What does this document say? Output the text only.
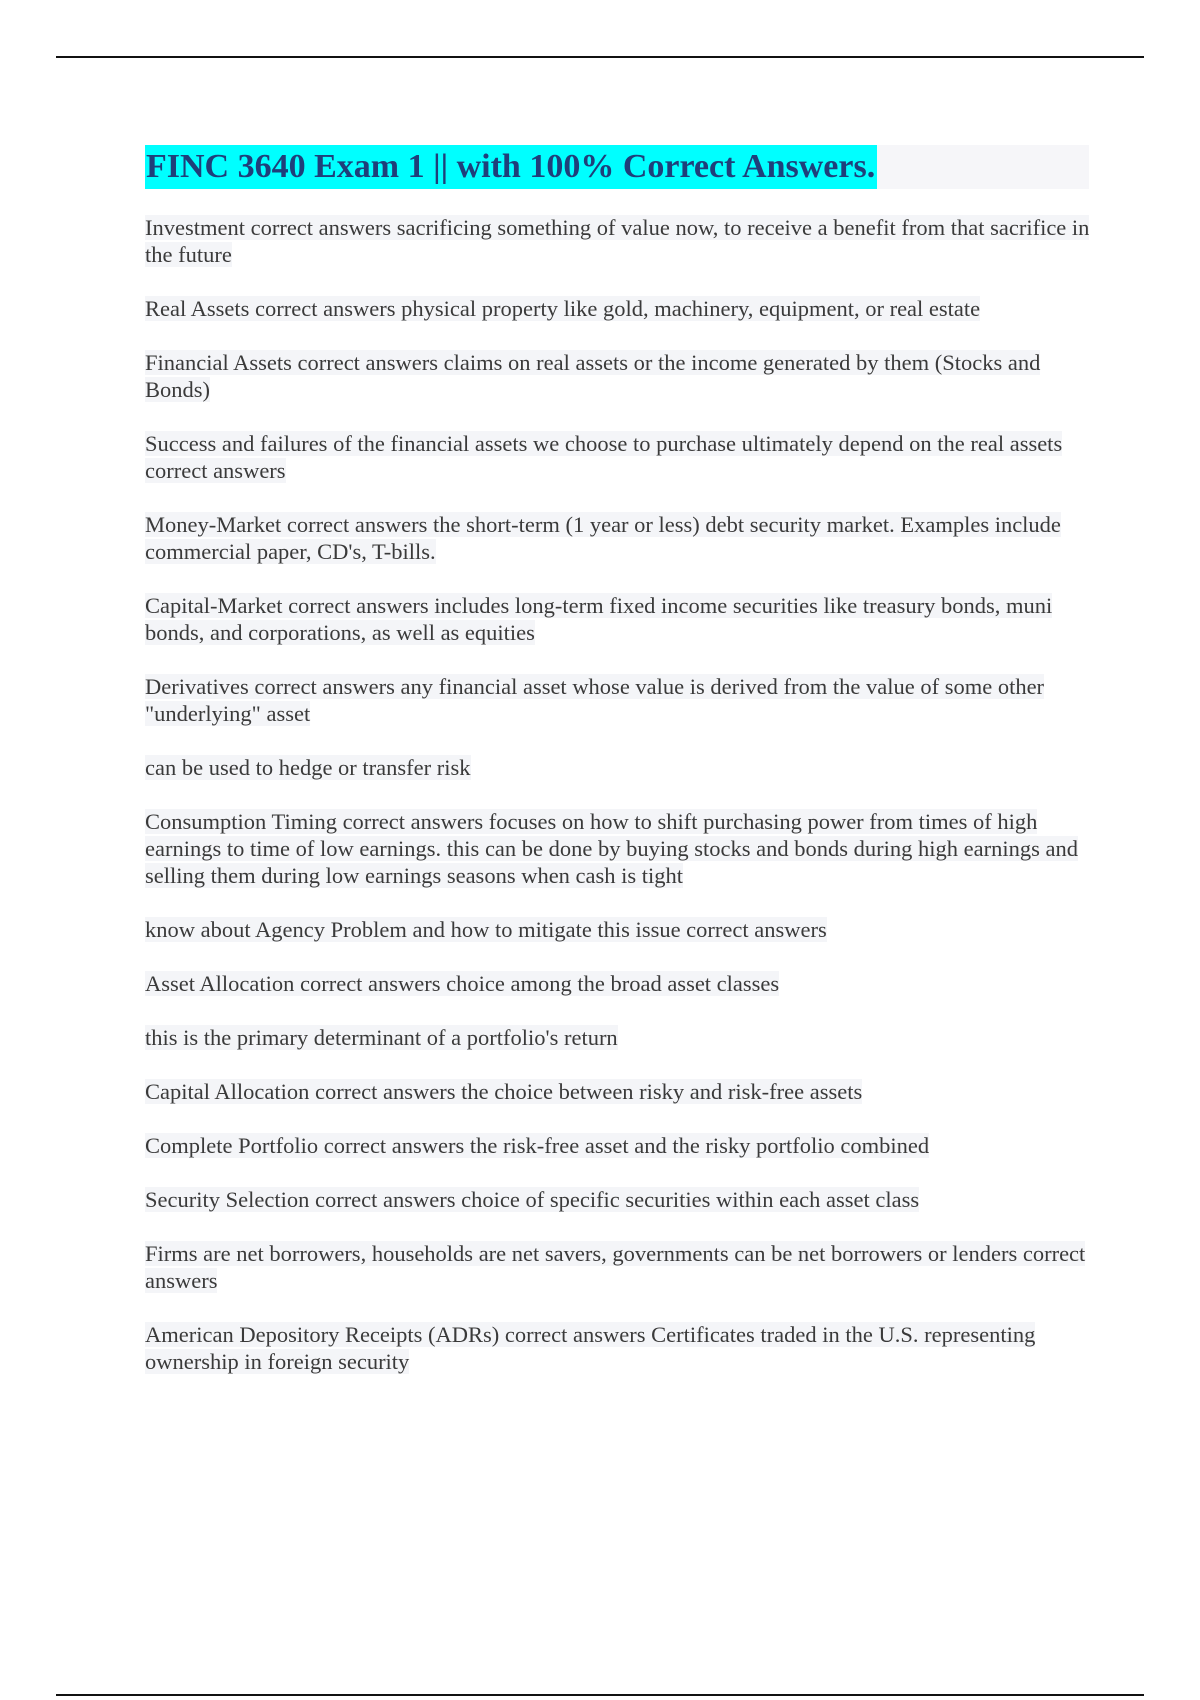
FINC 3640 Exam 1 || with 100% Correct Answers.

Investment correct answers sacrificing something of value now, to receive a benefit from that sacrifice in the future

Real Assets correct answers physical property like gold, machinery, equipment, or real estate

Financial Assets correct answers claims on real assets or the income generated by them (Stocks and Bonds)

Success and failures of the financial assets we choose to purchase ultimately depend on the real assets correct answers

Money-Market correct answers the short-term (1 year or less) debt security market. Examples include commercial paper, CD's, T-bills.

Capital-Market correct answers includes long-term fixed income securities like treasury bonds, muni bonds, and corporations, as well as equities

Derivatives correct answers any financial asset whose value is derived from the value of some other "underlying" asset

can be used to hedge or transfer risk

Consumption Timing correct answers focuses on how to shift purchasing power from times of high earnings to time of low earnings. this can be done by buying stocks and bonds during high earnings and selling them during low earnings seasons when cash is tight

know about Agency Problem and how to mitigate this issue correct answers

Asset Allocation correct answers choice among the broad asset classes

this is the primary determinant of a portfolio's return

Capital Allocation correct answers the choice between risky and risk-free assets

Complete Portfolio correct answers the risk-free asset and the risky portfolio combined

Security Selection correct answers choice of specific securities within each asset class

Firms are net borrowers, households are net savers, governments can be net borrowers or lenders correct answers

American Depository Receipts (ADRs) correct answers Certificates traded in the U.S. representing ownership in foreign security
